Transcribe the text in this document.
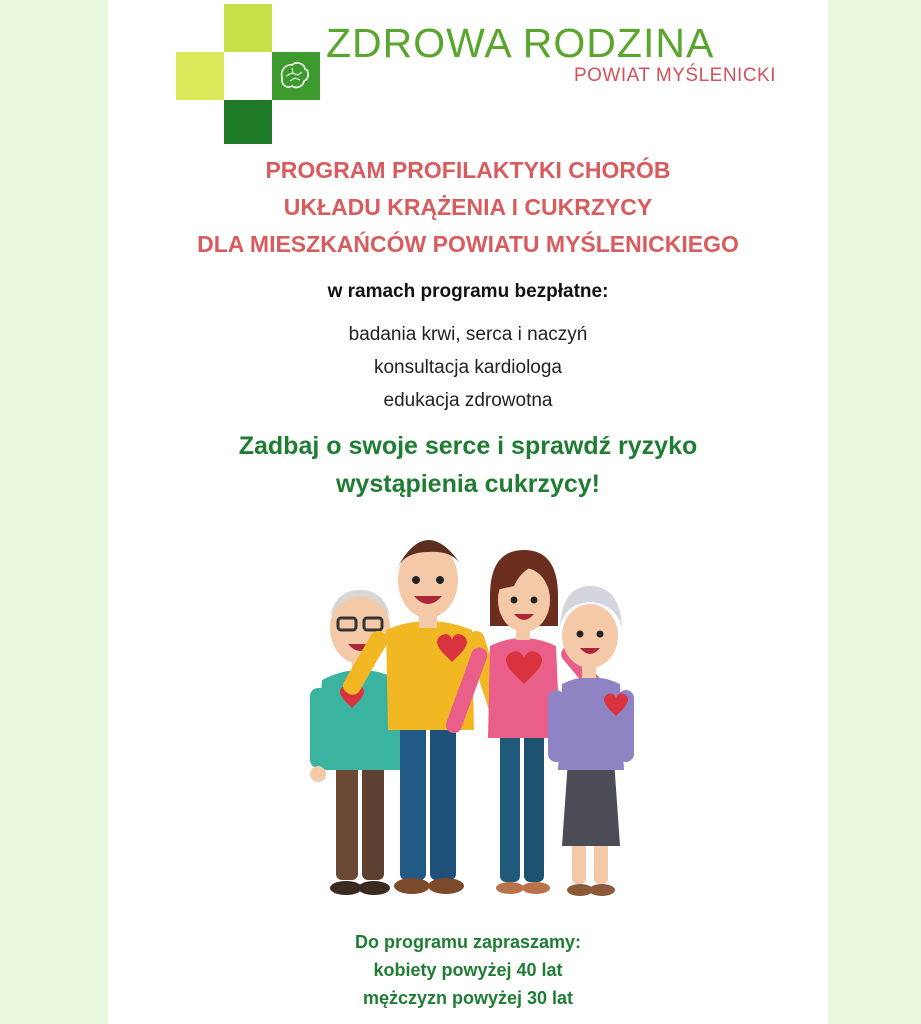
ZDROWA RODZINA
POWIAT MYŚLENICKI
PROGRAM PROFILAKTYKI CHORÓB
UKŁADU KRĄŻENIA I CUKRZYCY
DLA MIESZKAŃCÓW POWIATU MYŚLENICKIEGO
w ramach programu bezpłatne:
badania krwi, serca i naczyń
konsultacja kardiologa
edukacja zdrowotna
Zadbaj o swoje serce i sprawdź ryzyko
wystąpienia cukrzycy!
Do programu zapraszamy:
kobiety powyżej 40 lat
mężczyzn powyżej 30 lat
